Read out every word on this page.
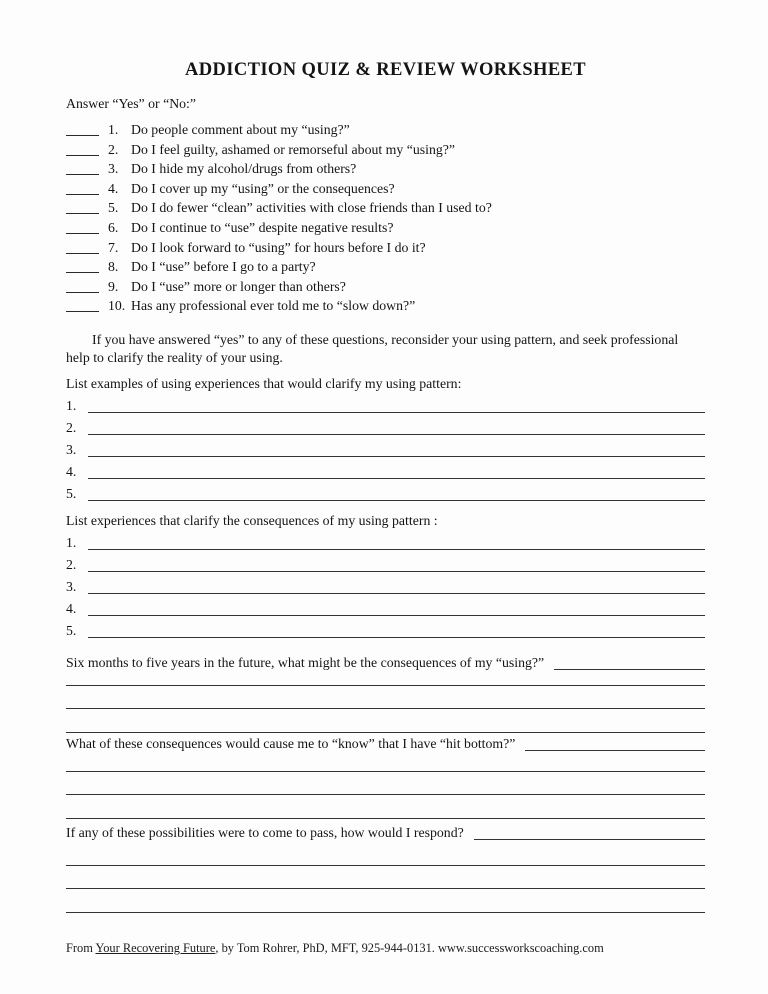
ADDICTION QUIZ & REVIEW WORKSHEET
Answer “Yes” or “No:”
1. Do people comment about my “using?”
2. Do I feel guilty, ashamed or remorseful about my “using?”
3. Do I hide my alcohol/drugs from others?
4. Do I cover up my “using” or the consequences?
5. Do I do fewer “clean” activities with close friends than I used to?
6. Do I continue to “use” despite negative results?
7. Do I look forward to “using” for hours before I do it?
8. Do I “use” before I go to a party?
9. Do I “use” more or longer than others?
10. Has any professional ever told me to “slow down?”

If you have answered “yes” to any of these questions, reconsider your using pattern, and seek professional help to clarify the reality of your using.

List examples of using experiences that would clarify my using pattern:
1.
2.
3.
4.
5.
List experiences that clarify the consequences of my using pattern :
1.
2.
3.
4.
5.
Six months to five years in the future, what might be the consequences of my “using?”
What of these consequences would cause me to “know” that I have “hit bottom?”
If any of these possibilities were to come to pass, how would I respond?
From Your Recovering Future, by Tom Rohrer, PhD, MFT, 925-944-0131. www.successworkscoaching.com
